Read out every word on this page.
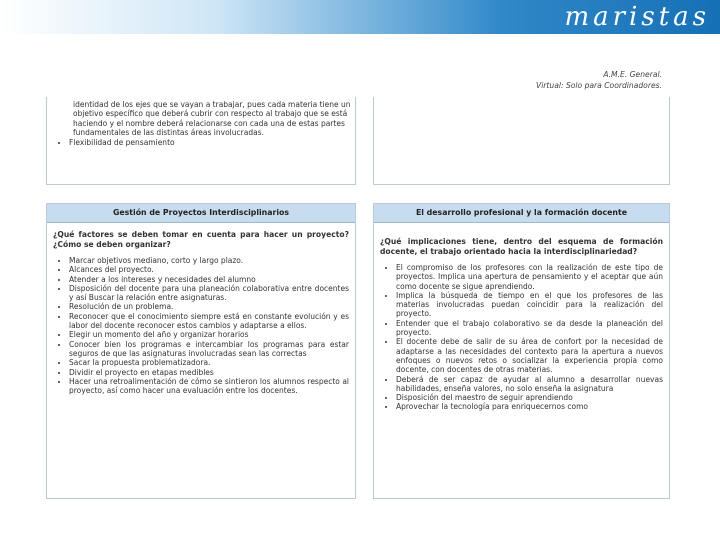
maristas
A.M.E. General.
Virtual: Solo para Coordinadores.
identidad de los ejes que se vayan a trabajar, pues cada materia tiene un objetivo específico que deberá cubrir con respecto al trabajo que se está haciendo y el nombre deberá relacionarse con cada una de estas partes fundamentales de las distintas áreas involucradas.
• Flexibilidad de pensamiento
Gestión de Proyectos Interdisciplinarios
¿Qué factores se deben tomar en cuenta para hacer un proyecto? ¿Cómo se deben organizar?
• Marcar objetivos mediano, corto y largo plazo.
• Alcances del proyecto.
• Atender a los intereses y necesidades del alumno
• Disposición del docente para una planeación colaborativa entre docentes y así Buscar la relación entre asignaturas.
• Resolución de un problema.
• Reconocer que el conocimiento siempre está en constante evolución y es labor del docente reconocer estos cambios y adaptarse a ellos.
• Elegir un momento del año y organizar horarios
• Conocer bien los programas e intercambiar los programas para estar seguros de que las asignaturas involucradas sean las correctas
• Sacar la propuesta problematizadora.
• Dividir el proyecto en etapas medibles
• Hacer una retroalimentación de cómo se sintieron los alumnos respecto al proyecto, así como hacer una evaluación entre los docentes.
El desarrollo profesional y la formación docente
¿Qué implicaciones tiene, dentro del esquema de formación docente, el trabajo orientado hacia la interdisciplinariedad?
• El compromiso de los profesores con la realización de este tipo de proyectos. Implica una apertura de pensamiento y el aceptar que aún como docente se sigue aprendiendo.
• Implica la búsqueda de tiempo en el que los profesores de las materias involucradas puedan coincidir para la realización del proyecto.
• Entender que el trabajo colaborativo se da desde la planeación del proyecto.
• El docente debe de salir de su área de confort por la necesidad de adaptarse a las necesidades del contexto para la apertura a nuevos enfoques o nuevos retos o socializar la experiencia propia como docente, con docentes de otras materias.
• Deberá de ser capaz de ayudar al alumno a desarrollar nuevas habilidades, enseña valores, no solo enseña la asignatura
• Disposición del maestro de seguir aprendiendo
• Aprovechar la tecnología para enriquecernos como
